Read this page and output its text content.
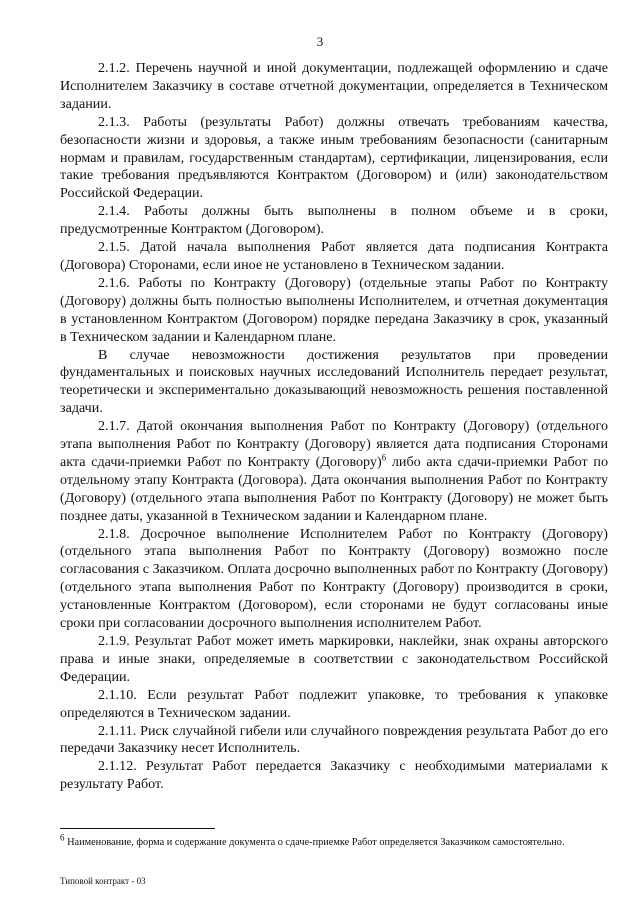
3

2.1.2. Перечень научной и иной документации, подлежащей оформлению и сдаче Исполнителем Заказчику в составе отчетной документации, определяется в Техническом задании.

2.1.3. Работы (результаты Работ) должны отвечать требованиям качества, безопасности жизни и здоровья, а также иным требованиям безопасности (санитарным нормам и правилам, государственным стандартам), сертификации, лицензирования, если такие требования предъявляются Контрактом (Договором) и (или) законодательством Российской Федерации.

2.1.4. Работы должны быть выполнены в полном объеме и в сроки, предусмотренные Контрактом (Договором).

2.1.5. Датой начала выполнения Работ является дата подписания Контракта (Договора) Сторонами, если иное не установлено в Техническом задании.

2.1.6. Работы по Контракту (Договору) (отдельные этапы Работ по Контракту (Договору) должны быть полностью выполнены Исполнителем, и отчетная документация в установленном Контрактом (Договором) порядке передана Заказчику в срок, указанный в Техническом задании и Календарном плане.

В случае невозможности достижения результатов при проведении фундаментальных и поисковых научных исследований Исполнитель передает результат, теоретически и экспериментально доказывающий невозможность решения поставленной задачи.

2.1.7. Датой окончания выполнения Работ по Контракту (Договору) (отдельного этапа выполнения Работ по Контракту (Договору) является дата подписания Сторонами акта сдачи-приемки Работ по Контракту (Договору)$^6$ либо акта сдачи-приемки Работ по отдельному этапу Контракта (Договора). Дата окончания выполнения Работ по Контракту (Договору) (отдельного этапа выполнения Работ по Контракту (Договору) не может быть позднее даты, указанной в Техническом задании и Календарном плане.

2.1.8. Досрочное выполнение Исполнителем Работ по Контракту (Договору) (отдельного этапа выполнения Работ по Контракту (Договору) возможно после согласования с Заказчиком. Оплата досрочно выполненных работ по Контракту (Договору) (отдельного этапа выполнения Работ по Контракту (Договору) производится в сроки, установленные Контрактом (Договором), если сторонами не будут согласованы иные сроки при согласовании досрочного выполнения исполнителем Работ.

2.1.9. Результат Работ может иметь маркировки, наклейки, знак охраны авторского права и иные знаки, определяемые в соответствии с законодательством Российской Федерации.

2.1.10. Если результат Работ подлежит упаковке, то требования к упаковке определяются в Техническом задании.

2.1.11. Риск случайной гибели или случайного повреждения результата Работ до его передачи Заказчику несет Исполнитель.

2.1.12. Результат Работ передается Заказчику с необходимыми материалами к результату Работ.

$^6$ Наименование, форма и содержание документа о сдаче-приемке Работ определяется Заказчиком самостоятельно.
Типовой контракт - 03
